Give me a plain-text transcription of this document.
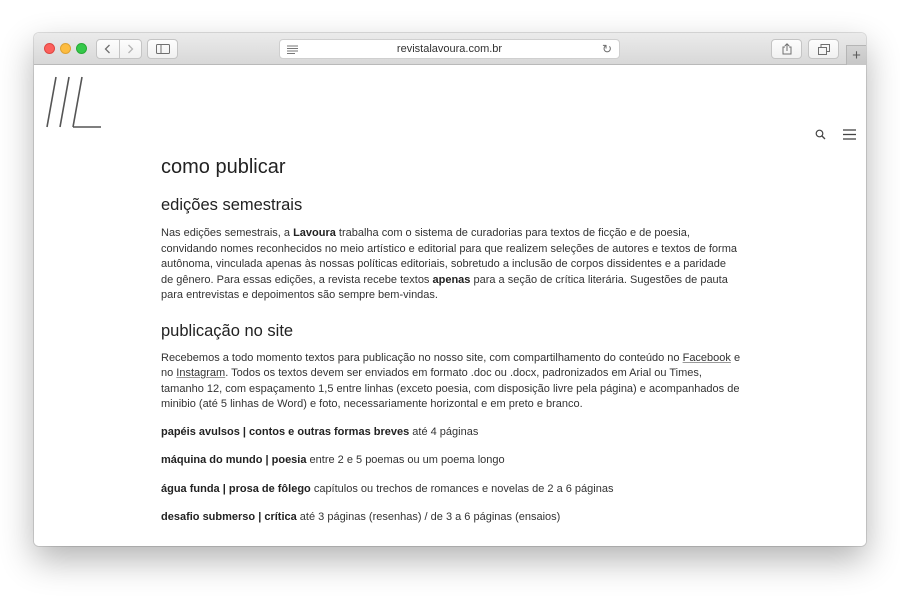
revistalavoura.com.br	↻	+
como publicar
edições semestrais

Nas edições semestrais, a Lavoura trabalha com o sistema de curadorias para textos de ficção e de poesia, convidando nomes reconhecidos no meio artístico e editorial para que realizem seleções de autores e textos de forma autônoma, vinculada apenas às nossas políticas editoriais, sobretudo a inclusão de corpos dissidentes e a paridade de gênero. Para essas edições, a revista recebe textos apenas para a seção de crítica literária. Sugestões de pauta para entrevistas e depoimentos são sempre bem-vindas.

publicação no site

Recebemos a todo momento textos para publicação no nosso site, com compartilhamento do conteúdo no Facebook e no Instagram. Todos os textos devem ser enviados em formato .doc ou .docx, padronizados em Arial ou Times, tamanho 12, com espaçamento 1,5 entre linhas (exceto poesia, com disposição livre pela página) e acompanhados de minibio (até 5 linhas de Word) e foto, necessariamente horizontal e em preto e branco.

papéis avulsos | contos e outras formas breves até 4 páginas

máquina do mundo | poesia entre 2 e 5 poemas ou um poema longo

água funda | prosa de fôlego capítulos ou trechos de romances e novelas de 2 a 6 páginas

desafio submerso | crítica até 3 páginas (resenhas) / de 3 a 6 páginas (ensaios)
